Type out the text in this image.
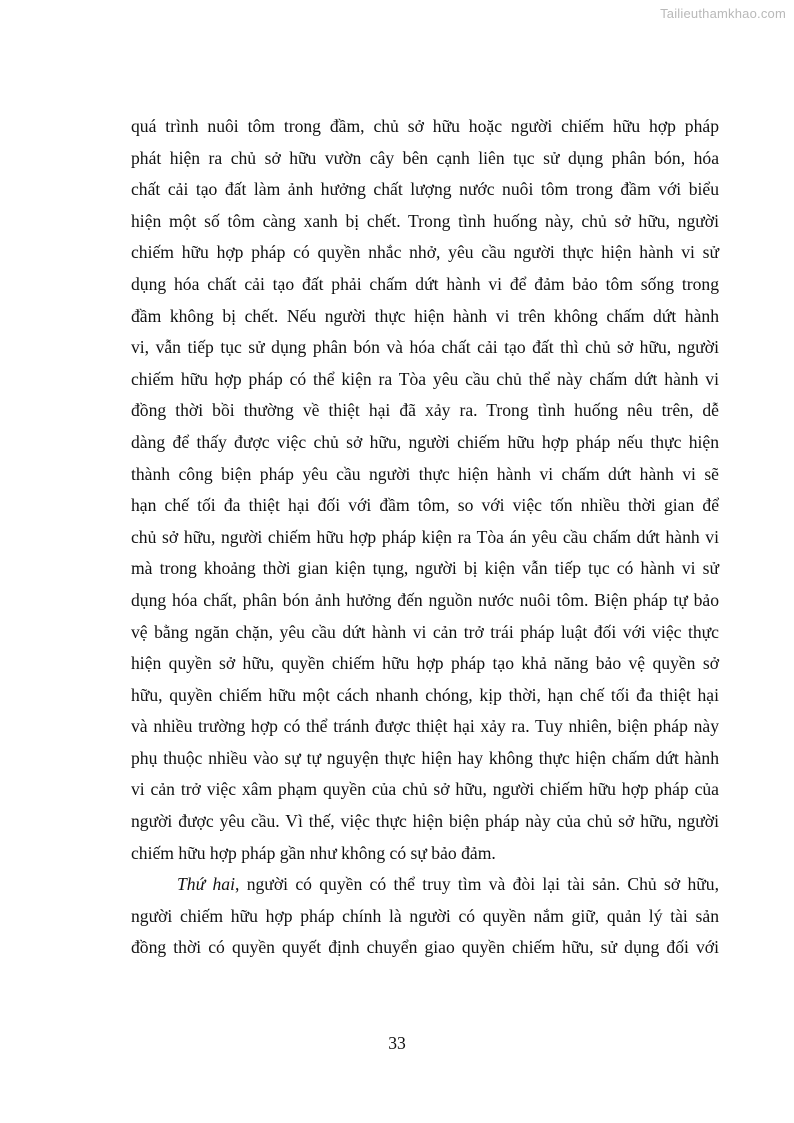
Tailieuthamkhao.com
quá trình nuôi tôm trong đầm, chủ sở hữu hoặc người chiếm hữu hợp pháp
phát hiện ra chủ sở hữu vườn cây bên cạnh liên tục sử dụng phân bón, hóa
chất cải tạo đất làm ảnh hưởng chất lượng nước nuôi tôm trong đầm với biểu
hiện một số tôm càng xanh bị chết. Trong tình huống này, chủ sở hữu, người
chiếm hữu hợp pháp có quyền nhắc nhở, yêu cầu người thực hiện hành vi sử
dụng hóa chất cải tạo đất phải chấm dứt hành vi để đảm bảo tôm sống trong
đầm không bị chết. Nếu người thực hiện hành vi trên không chấm dứt hành
vi, vẫn tiếp tục sử dụng phân bón và hóa chất cải tạo đất thì chủ sở hữu, người
chiếm hữu hợp pháp có thể kiện ra Tòa yêu cầu chủ thể này chấm dứt hành vi
đồng thời bồi thường về thiệt hại đã xảy ra. Trong tình huống nêu trên, dễ
dàng để thấy được việc chủ sở hữu, người chiếm hữu hợp pháp nếu thực hiện
thành công biện pháp yêu cầu người thực hiện hành vi chấm dứt hành vi sẽ
hạn chế tối đa thiệt hại đối với đầm tôm, so với việc tốn nhiều thời gian để
chủ sở hữu, người chiếm hữu hợp pháp kiện ra Tòa án yêu cầu chấm dứt hành vi
mà trong khoảng thời gian kiện tụng, người bị kiện vẫn tiếp tục có hành vi sử
dụng hóa chất, phân bón ảnh hưởng đến nguồn nước nuôi tôm. Biện pháp tự bảo
vệ bằng ngăn chặn, yêu cầu dứt hành vi cản trở trái pháp luật đối với việc thực
hiện quyền sở hữu, quyền chiếm hữu hợp pháp tạo khả năng bảo vệ quyền sở
hữu, quyền chiếm hữu một cách nhanh chóng, kịp thời, hạn chế tối đa thiệt hại
và nhiều trường hợp có thể tránh được thiệt hại xảy ra. Tuy nhiên, biện pháp này
phụ thuộc nhiều vào sự tự nguyện thực hiện hay không thực hiện chấm dứt hành
vi cản trở việc xâm phạm quyền của chủ sở hữu, người chiếm hữu hợp pháp của
người được yêu cầu. Vì thế, việc thực hiện biện pháp này của chủ sở hữu, người
chiếm hữu hợp pháp gần như không có sự bảo đảm.
Thứ hai, người có quyền có thể truy tìm và đòi lại tài sản. Chủ sở hữu,
người chiếm hữu hợp pháp chính là người có quyền nắm giữ, quản lý tài sản
đồng thời có quyền quyết định chuyển giao quyền chiếm hữu, sử dụng đối với
33
